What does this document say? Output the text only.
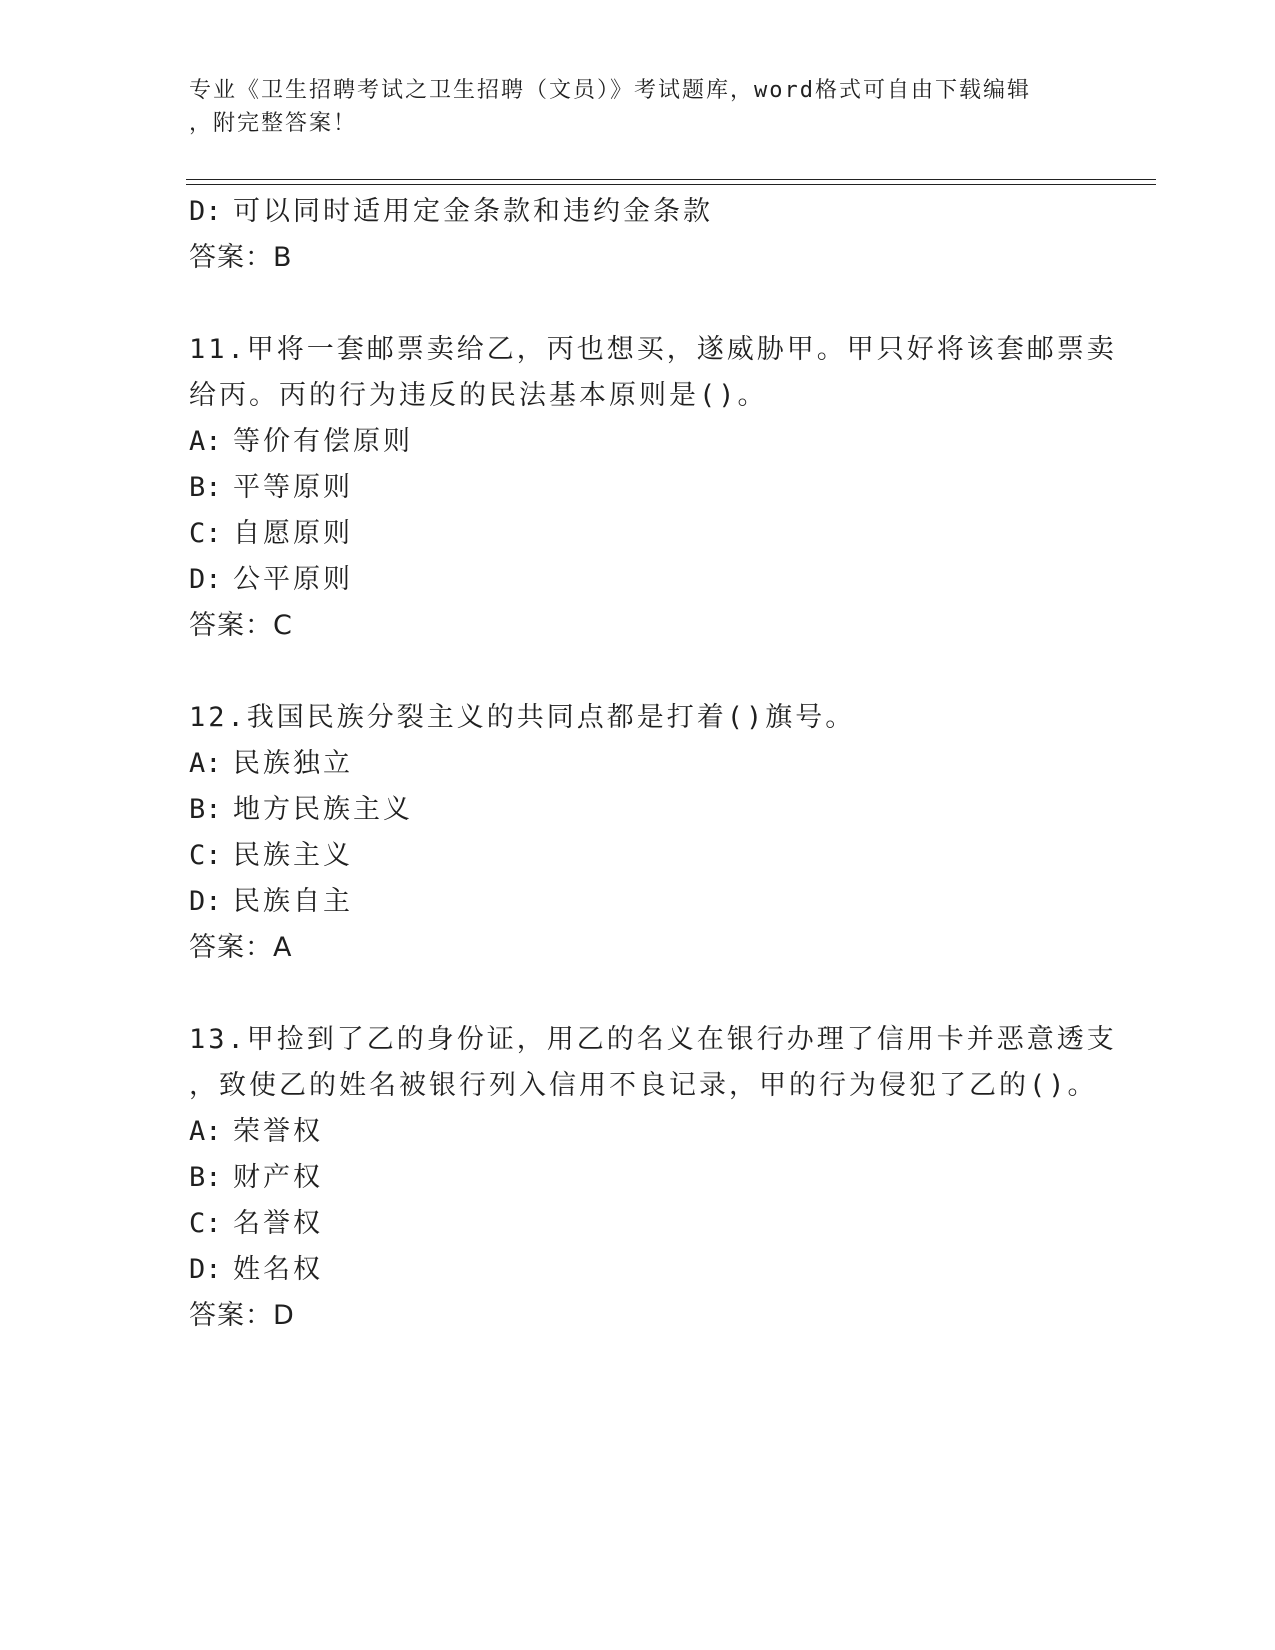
专业《卫生招聘考试之卫生招聘（文员）》考试题库，word格式可自由下载编辑
，附完整答案！
D: 可以同时适用定金条款和违约金条款
答案：B
11.甲将一套邮票卖给乙，丙也想买，遂威胁甲。甲只好将该套邮票卖
给丙。丙的行为违反的民法基本原则是()。
A: 等价有偿原则
B: 平等原则
C: 自愿原则
D: 公平原则
答案：C
12.我国民族分裂主义的共同点都是打着()旗号。
A: 民族独立
B: 地方民族主义
C: 民族主义
D: 民族自主
答案：A
13.甲捡到了乙的身份证，用乙的名义在银行办理了信用卡并恶意透支
，致使乙的姓名被银行列入信用不良记录，甲的行为侵犯了乙的()。
A: 荣誉权
B: 财产权
C: 名誉权
D: 姓名权
答案：D
